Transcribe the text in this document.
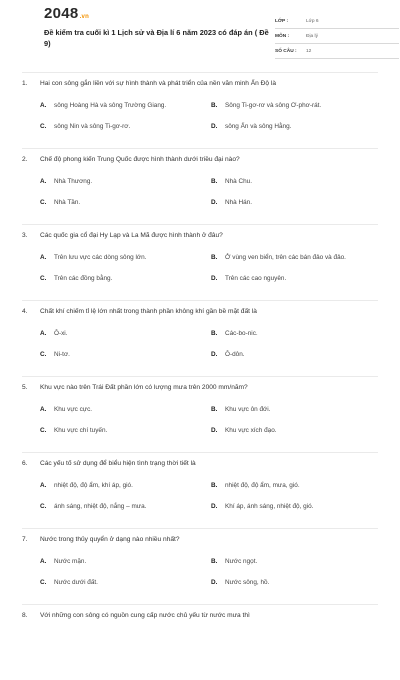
2048.vn
Đề kiểm tra cuối kì 1 Lịch sử và Địa lí 6 năm 2023 có đáp án ( Đề 9)
LỚP :	Lớp 6
MÔN :	Địa lý
SỐ CÂU :	12
1. Hai con sông gắn liền với sự hình thành và phát triển của nền văn minh Ấn Độ là
A. sông Hoàng Hà và sông Trường Giang.	B. Sông Ti-gơ-rơ và sông Ơ-phơ-rát.
C. sông Nin và sông Ti-gơ-rơ.	D. sông Ấn và sông Hằng.
2. Chế độ phong kiến Trung Quốc được hình thành dưới triều đại nào?
A. Nhà Thương.	B. Nhà Chu.
C. Nhà Tần.	D. Nhà Hán.
3. Các quốc gia cổ đại Hy Lạp và La Mã được hình thành ở đâu?
A. Trên lưu vực các dòng sông lớn.	B. Ở vùng ven biển, trên các bán đảo và đảo.
C. Trên các đồng bằng.	D. Trên các cao nguyên.
4. Chất khí chiếm tỉ lệ lớn nhất trong thành phần không khí gần bề mặt đất là
A. Ô-xi.	B. Các-bo-nic.
C. Ni-tơ.	D. Ô-dôn.
5. Khu vực nào trên Trái Đất phần lớn có lượng mưa trên 2000 mm/năm?
A. Khu vực cực.	B. Khu vực ôn đới.
C. Khu vực chí tuyến.	D. Khu vực xích đạo.
6. Các yếu tố sử dụng để biểu hiện tình trạng thời tiết là
A. nhiệt độ, độ ẩm, khí áp, gió.	B. nhiệt độ, độ ẩm, mưa, gió.
C. ánh sáng, nhiệt độ, nắng – mưa.	D. Khí áp, ánh sáng, nhiệt độ, gió.
7. Nước trong thủy quyển ở dạng nào nhiều nhất?
A. Nước mặn.	B. Nước ngọt.
C. Nước dưới đất.	D. Nước sông, hồ.
8. Với những con sông có nguồn cung cấp nước chủ yếu từ nước mưa thì
